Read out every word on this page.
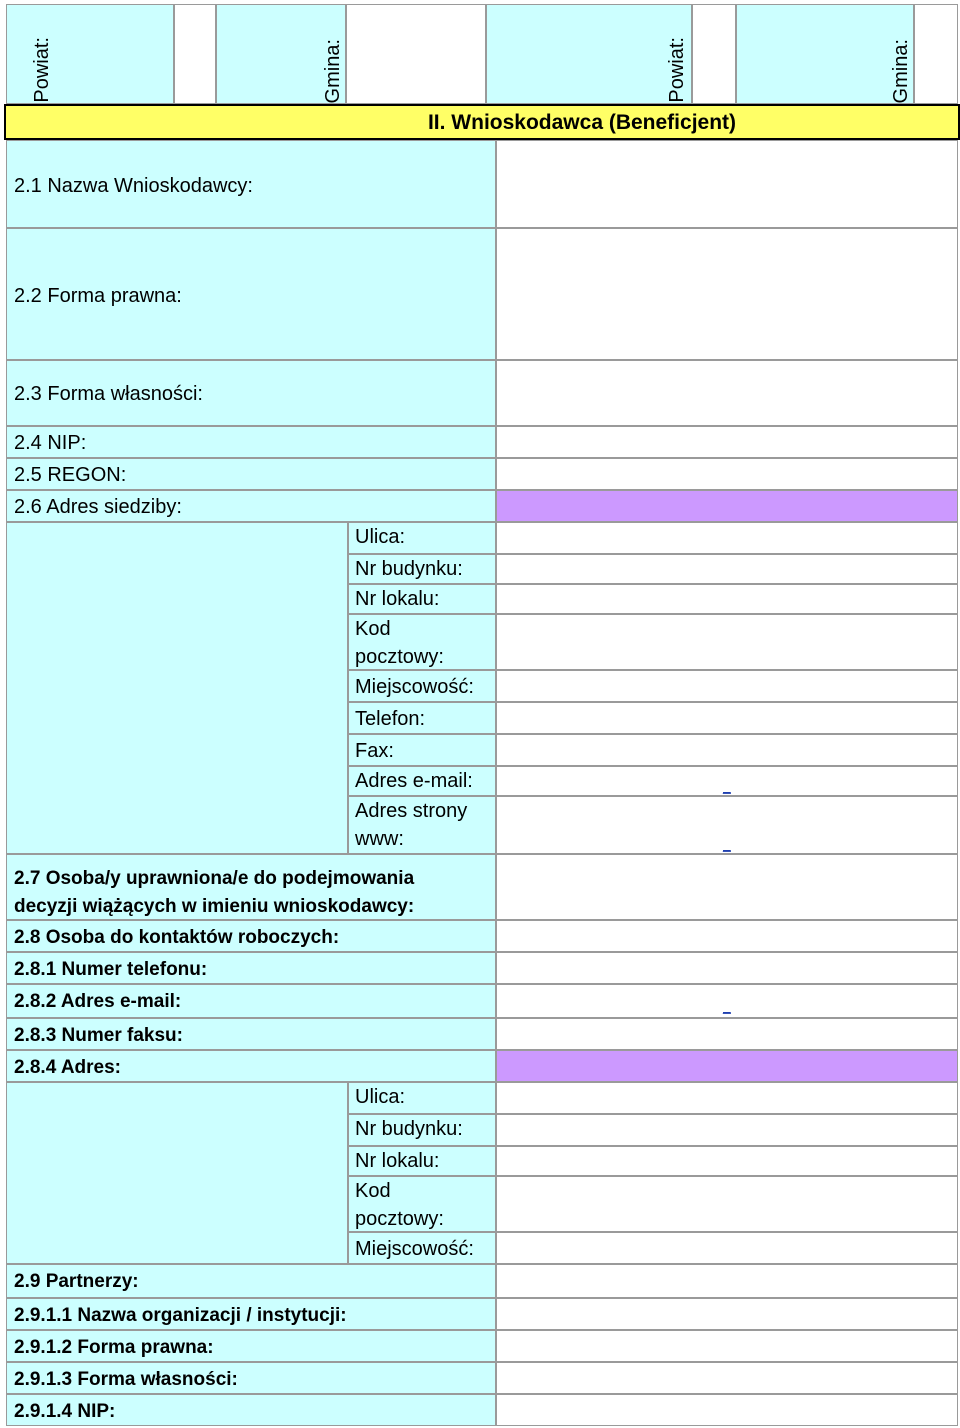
Powiat:	Gmina:	Powiat:	Gmina:
II. Wnioskodawca (Beneficjent)
2.1 Nazwa Wnioskodawcy:
2.2 Forma prawna:
2.3 Forma własności:
2.4 NIP:
2.5 REGON:
2.6 Adres siedziby:
Ulica:
Nr budynku:
Nr lokalu:
Kod
pocztowy:
Miejscowość:
Telefon:
Fax:
Adres e-mail:	_
Adres strony
www:	_
2.7 Osoba/y uprawniona/e do podejmowania decyzji wiążących w imieniu wnioskodawcy:
2.8 Osoba do kontaktów roboczych:
2.8.1 Numer telefonu:
2.8.2 Adres e-mail:	_
2.8.3 Numer faksu:
2.8.4 Adres:
Ulica:
Nr budynku:
Nr lokalu:
Kod
pocztowy:
Miejscowość:
2.9 Partnerzy:
2.9.1.1 Nazwa organizacji / instytucji:
2.9.1.2 Forma prawna:
2.9.1.3 Forma własności:
2.9.1.4 NIP:
